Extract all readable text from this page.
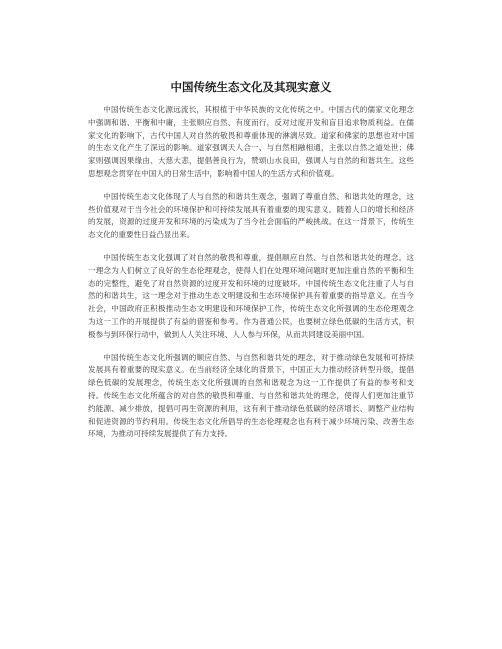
中国传统生态文化及其现实意义

中国传统生态文化源远流长，其根植于中华民族的文化传统之中。中国古代的儒家文化理念中强调和谐、平衡和中庸，主张顺应自然、有度而行，反对过度开发和盲目追求物质利益。在儒家文化的影响下，古代中国人对自然的敬畏和尊重体现的淋漓尽致。道家和佛家的思想也对中国的生态文化产生了深远的影响。道家强调天人合一、与自然相融相通，主张以自然之道处世；佛家则强调因果缘由、大慈大悲，提倡善良行为，赞颂山水良田，强调人与自然的和谐共生。这些思想观念贯穿在中国人的日常生活中，影响着中国人的生活方式和价值观。

中国传统生态文化体现了人与自然的和谐共生观念，强调了尊重自然、和谐共处的理念，这些价值观对于当今社会的环境保护和可持续发展具有着重要的现实意义。随着人口的增长和经济的发展，资源的过度开发和环境的污染成为了当今社会面临的严峻挑战。在这一背景下，传统生态文化的重要性日益凸显出来。

中国传统生态文化强调了对自然的敬畏和尊重，提倡顺应自然、与自然和谐共处的理念。这一理念为人们树立了良好的生态伦理观念，使得人们在处理环境问题时更加注重自然的平衡和生态的完整性，避免了对自然资源的过度开发和环境的过度破坏。中国传统生态文化注重了人与自然的和谐共生，这一理念对于推动生态文明建设和生态环境保护具有着重要的指导意义。在当今社会，中国政府正积极推动生态文明建设和环境保护工作，传统生态文化所强调的生态伦理观念为这一工作的开展提供了有益的借鉴和参考。作为普通公民，也要树立绿色低碳的生活方式，积极参与到环保行动中，做到人人关注环境、人人参与环保，从而共同建设美丽中国。

中国传统生态文化所强调的顺应自然、与自然和谐共处的理念，对于推动绿色发展和可持续发展具有着重要的现实意义。在当前经济全球化的背景下，中国正大力推动经济转型升级，提倡绿色低碳的发展理念，传统生态文化所强调的自然和谐观念为这一工作提供了有益的参考和支持。传统生态文化所蕴含的对自然的敬畏和尊重、与自然和谐共处的理念，使得人们更加注重节约能源、减少排放，提倡可再生资源的利用，这有利于推动绿色低碳的经济增长、调整产业结构和促进资源的节约利用。传统生态文化所倡导的生态伦理观念也有利于减少环境污染、改善生态环境，为推动可持续发展提供了有力支持。
